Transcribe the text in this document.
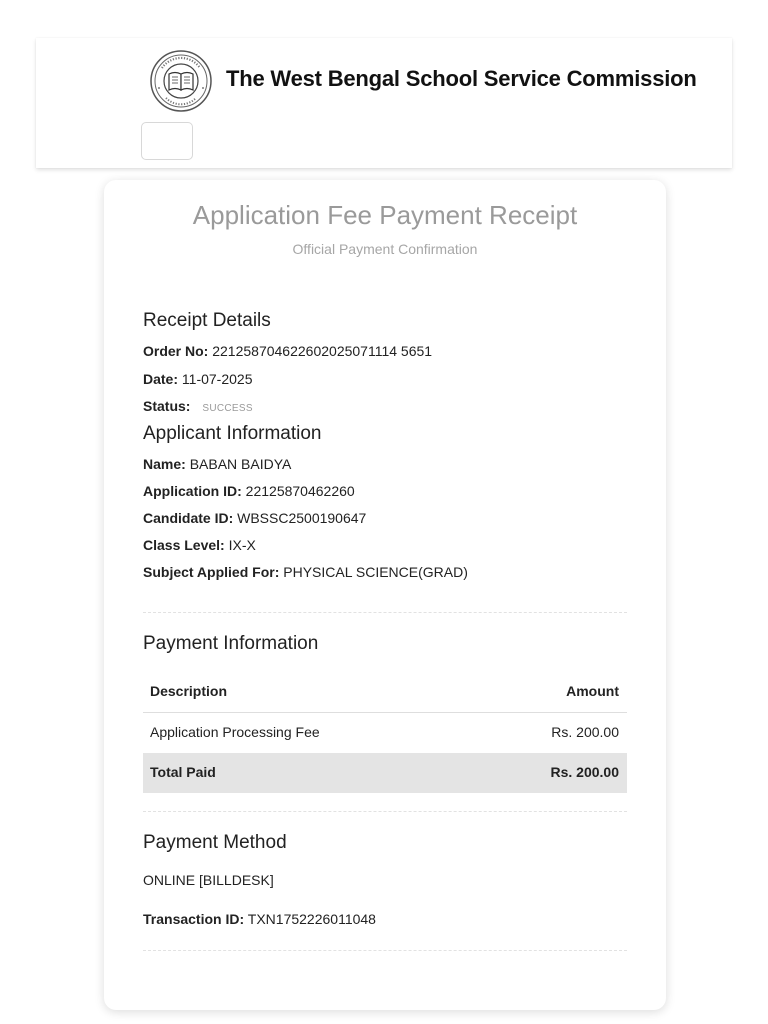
The West Bengal School Service Commission
Application Fee Payment Receipt
Official Payment Confirmation
Receipt Details
Order No: 221258704622602025071114 5651
Date: 11-07-2025
Status: SUCCESS
Applicant Information
Name: BABAN BAIDYA
Application ID: 22125870462260
Candidate ID: WBSSC2500190647
Class Level: IX-X
Subject Applied For: PHYSICAL SCIENCE(GRAD)
Payment Information
Description	Amount
Application Processing Fee	Rs. 200.00
Total Paid	Rs. 200.00
Payment Method
ONLINE [BILLDESK]
Transaction ID: TXN1752226011048
